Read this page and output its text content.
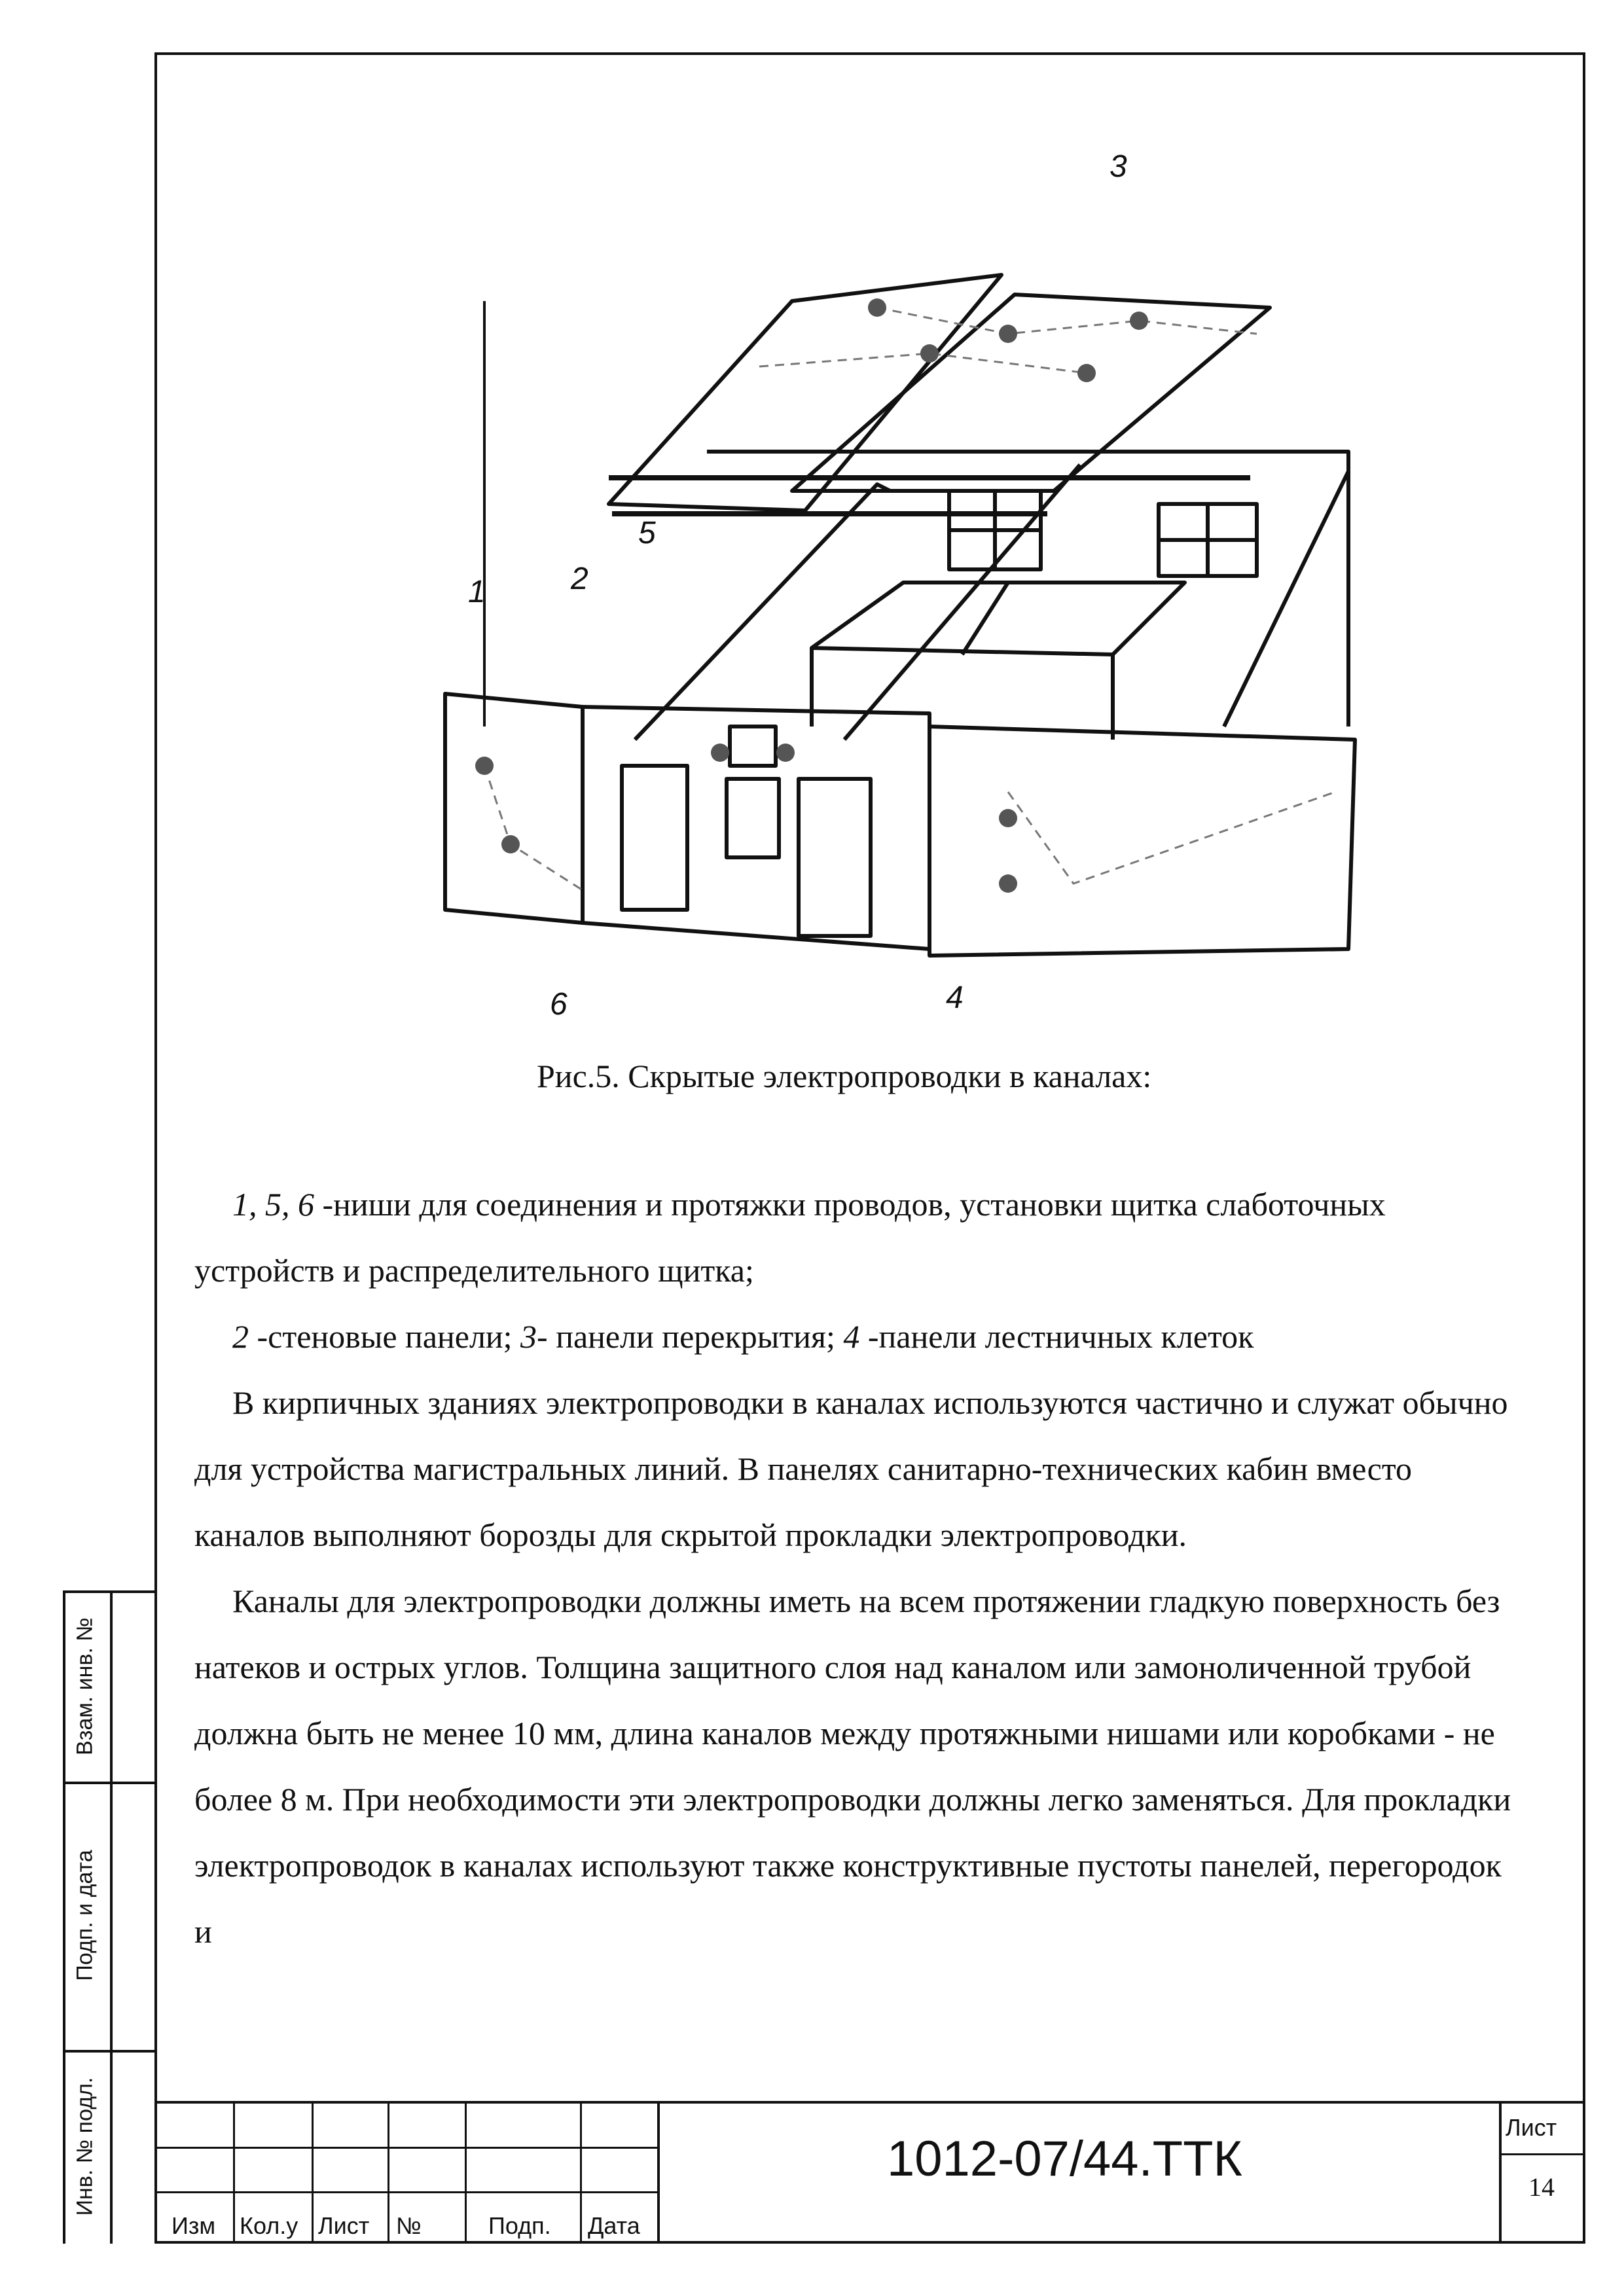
1	2
3
4
5
6
Рис.5. Скрытые электропроводки в каналах:

1, 5, 6 -ниши для соединения и протяжки проводов, установки щитка слаботочных устройств и распределительного щитка;

2 -стеновые панели; 3- панели перекрытия; 4 -панели лестничных клеток

В кирпичных зданиях электропроводки в каналах используются частично и служат обычно для устройства магистральных линий. В панелях санитарно-технических кабин вместо каналов выполняют борозды для скрытой прокладки электропроводки.

Каналы для электропроводки должны иметь на всем протяжении гладкую поверхность без натеков и острых углов. Толщина защитного слоя над каналом или замоноличенной трубой должна быть не менее 10 мм, длина каналов между протяжными нишами или коробками - не более 8 м. При необходимости эти электропроводки должны легко заменяться. Для прокладки электропроводок в каналах используют также конструктивные пустоты панелей, перегородок и

Взам. инв. №
Подп. и дата
Инв. № подл.
Изм Кол.у Лист №	Подп. Дата
1012-07/44.ТТК
Лист
14
